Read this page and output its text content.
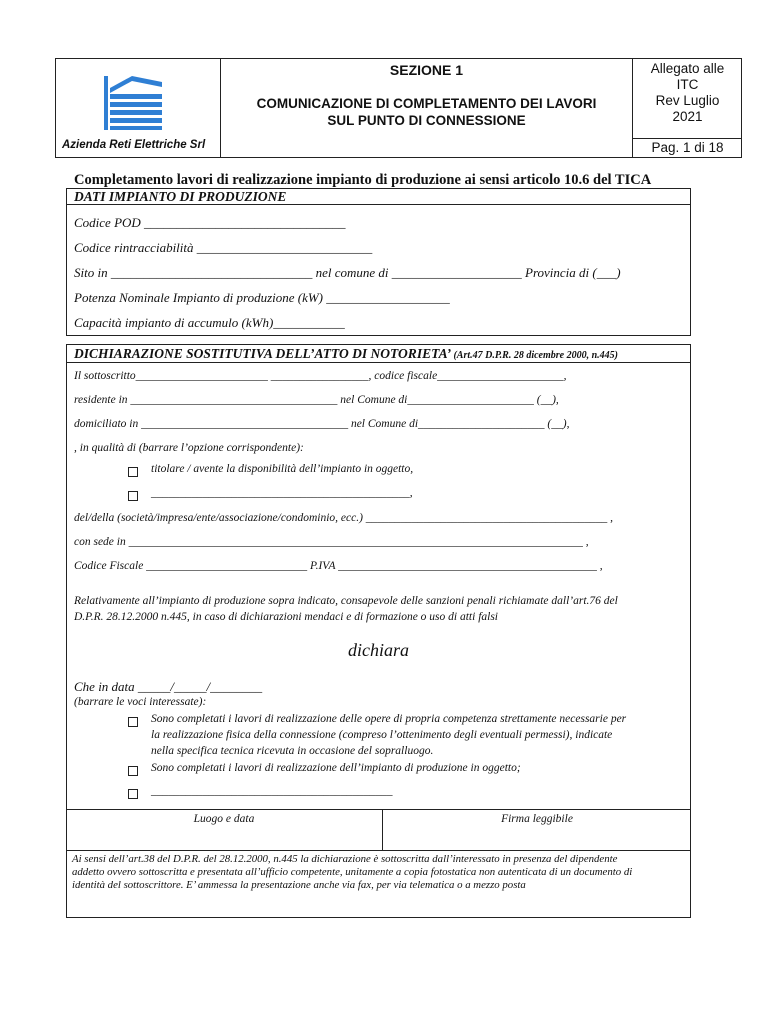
Azienda Reti Elettriche Srl
SEZIONE 1
COMUNICAZIONE DI COMPLETAMENTO DEI LAVORI
SUL PUNTO DI CONNESSIONE
Allegato alle
ITC
Rev Luglio
2021
Pag. 1 di 18
Completamento lavori di realizzazione impianto di produzione ai sensi articolo 10.6 del TICA
DATI IMPIANTO DI PRODUZIONE
Codice POD _______________________________
Codice rintracciabilità ___________________________
Sito in _______________________________ nel comune di ____________________ Provincia di (___)
Potenza Nominale Impianto di produzione (kW) ___________________
Capacità impianto di accumulo (kWh)___________
DICHIARAZIONE SOSTITUTIVA DELL’ATTO DI NOTORIETA’ (Art.47 D.P.R. 28 dicembre 2000, n.445)
Il sottoscritto_______________________ _________________, codice fiscale______________________,
residente in ____________________________________ nel Comune di______________________ (__),
domiciliato in ____________________________________ nel Comune di______________________ (__),
, in qualità di (barrare l’opzione corrispondente):
titolare / avente la disponibilità dell’impianto in oggetto,
_____________________________________________,
del/della (società/impresa/ente/associazione/condominio, ecc.) __________________________________________ ,
con sede in _______________________________________________________________________________ ,
Codice Fiscale ____________________________ P.IVA _____________________________________________ ,
Relativamente all’impianto di produzione sopra indicato, consapevole delle sanzioni penali richiamate dall’art.76 del
D.P.R. 28.12.2000 n.445, in caso di dichiarazioni mendaci e di formazione o uso di atti falsi
dichiara
Che in data _____/_____/________
(barrare le voci interessate):
Sono completati i lavori di realizzazione delle opere di propria competenza strettamente necessarie per
la realizzazione fisica della connessione (compreso l’ottenimento degli eventuali permessi), indicate
nella specifica tecnica ricevuta in occasione del sopralluogo.
Sono completati i lavori di realizzazione dell’impianto di produzione in oggetto;
__________________________________________
Luogo e data	Firma leggibile
Ai sensi dell’art.38 del D.P.R. del 28.12.2000, n.445 la dichiarazione è sottoscritta dall’interessato in presenza del dipendente
addetto ovvero sottoscritta e presentata all’ufficio competente, unitamente a copia fotostatica non autenticata di un documento di
identità del sottoscrittore. E’ ammessa la presentazione anche via fax, per via telematica o a mezzo posta
